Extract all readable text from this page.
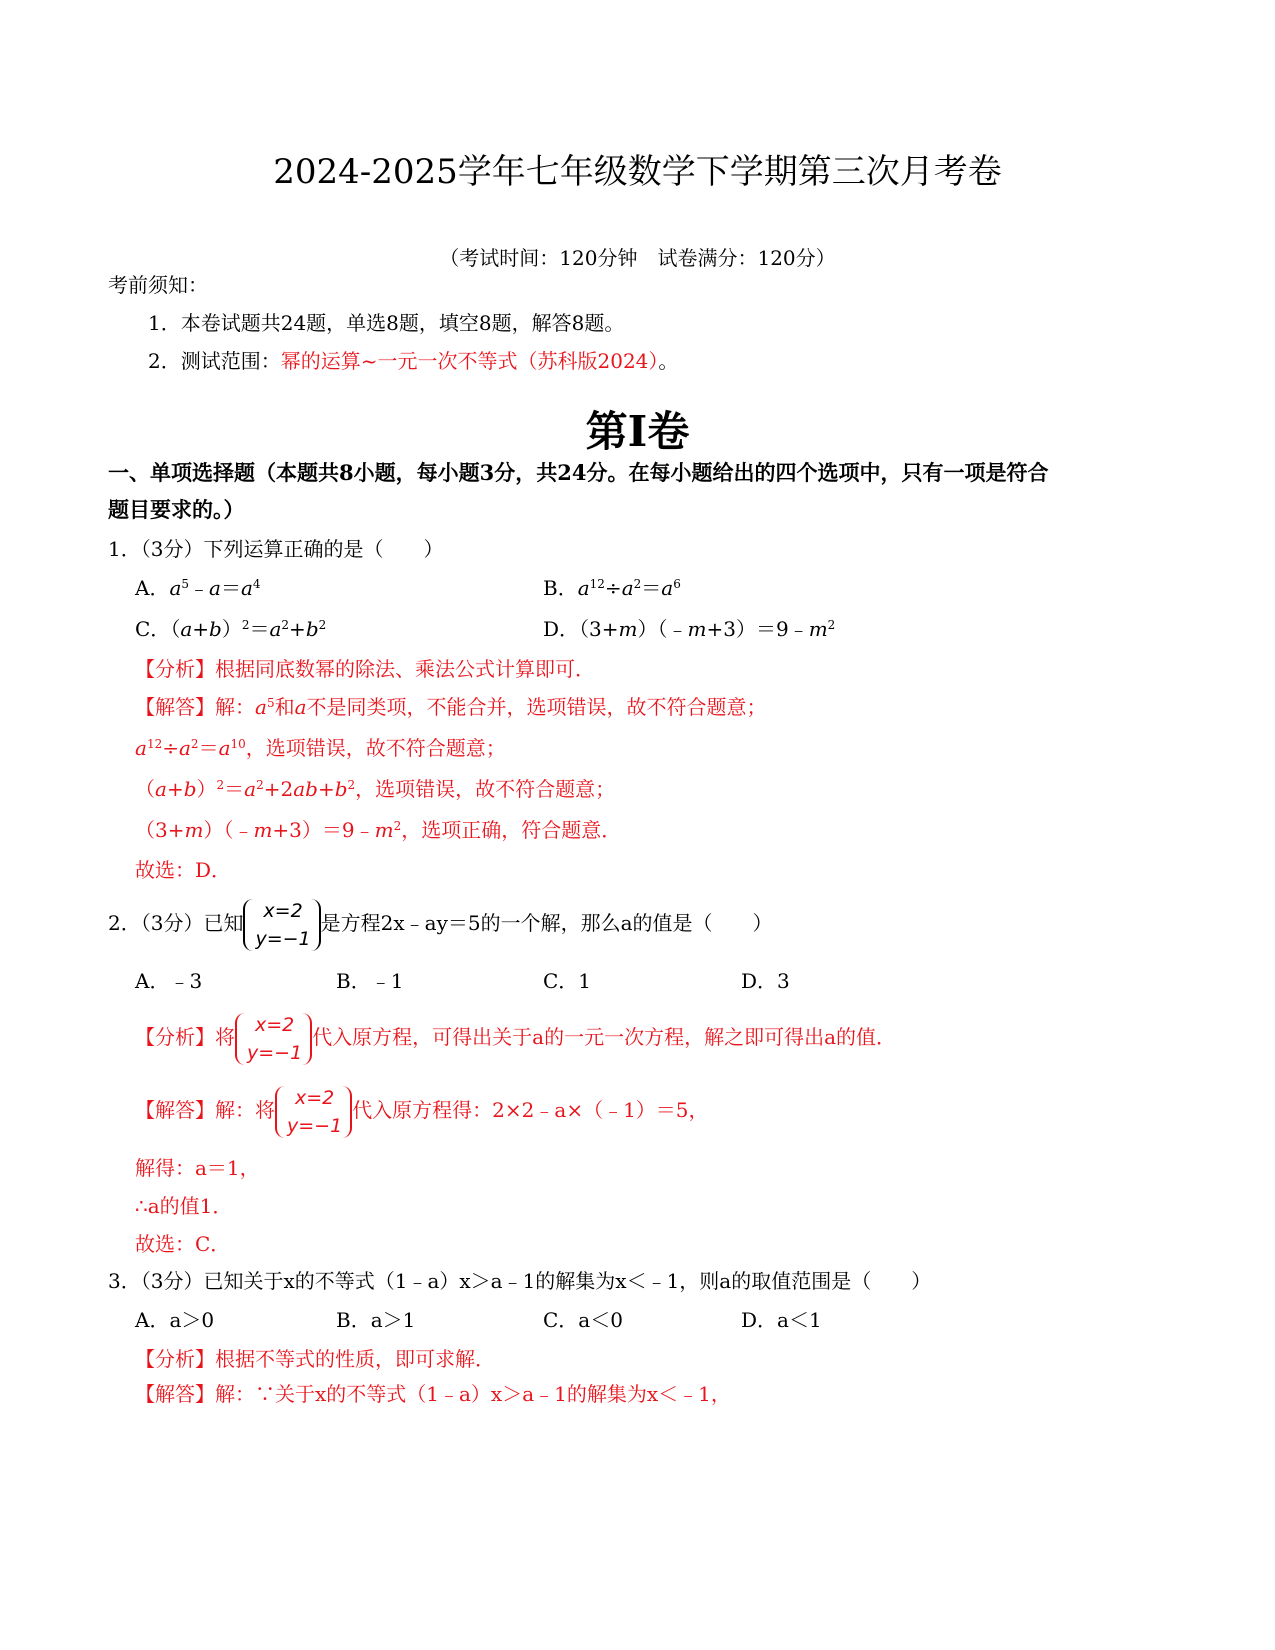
2024-2025学年七年级数学下学期第三次月考卷
（考试时间：120分钟　试卷满分：120分）
考前须知：
1．本卷试题共24题，单选8题，填空8题，解答8题。
2．测试范围：幂的运算~一元一次不等式（苏科版2024）。
第Ⅰ卷
一、单项选择题（本题共8小题，每小题3分，共24分。在每小题给出的四个选项中，只有一项是符合
题目要求的。）
1．（3分）下列运算正确的是（　　）
A．$a^5﹣a=a^4$	B．$a^{12}\div a^2=a^6$
C．$(a+b)^2=a^2+b^2$	D．$(3+m)(﹣m+3)=9﹣m^2$
【分析】根据同底数幂的除法、乘法公式计算即可．
【解答】解：$a^5$和a不是同类项，不能合并，选项错误，故不符合题意；
$a^{12}\div a^2=a^{10}$，选项错误，故不符合题意；
$(a+b)^2=a^2+2ab+b^2$，选项错误，故不符合题意；
$(3+m)(﹣m+3)=9﹣m^2$，选项正确，符合题意．
故选：D．
2．（3分）已知
x=2
y=−1
是方程2x﹣ay＝5的一个解，那么a的值是（　　）
A．﹣3	B．﹣1	C．1	D．3
【分析】将
x=2
y=−1
代入原方程，可得出关于a的一元一次方程，解之即可得出a的值．
【解答】解：将
x=2
y=−1
代入原方程得：2×2﹣a×（﹣1）＝5，
解得：a＝1，
∴a的值1．
故选：C．
3．（3分）已知关于x的不等式（1﹣a）x＞a﹣1的解集为x＜﹣1，则a的取值范围是（　　）
A．a＞0	B．a＞1	C．a＜0	D．a＜1
【分析】根据不等式的性质，即可求解．
【解答】解：∵关于x的不等式（1﹣a）x＞a﹣1的解集为x＜﹣1，
